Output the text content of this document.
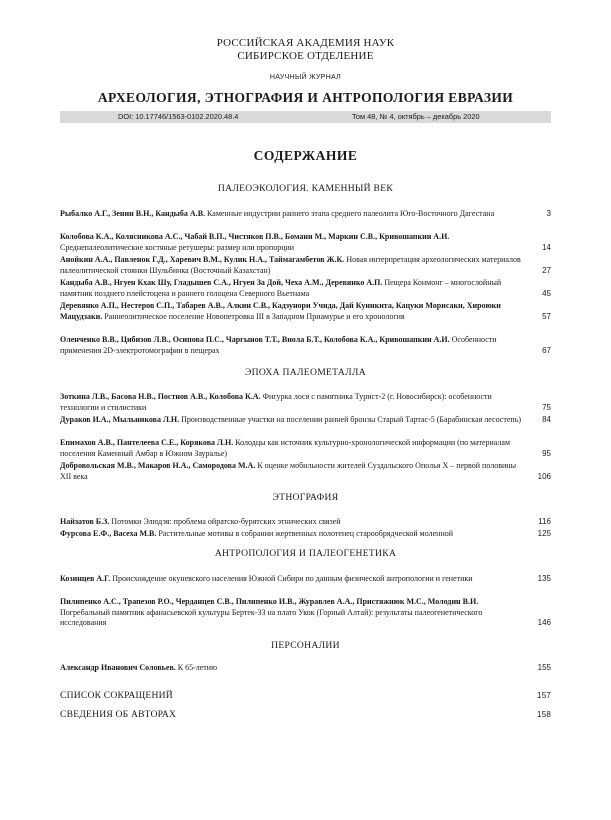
РОССИЙСКАЯ АКАДЕМИЯ НАУК
СИБИРСКОЕ ОТДЕЛЕНИЕ
НАУЧНЫЙ ЖУРНАЛ
АРХЕОЛОГИЯ, ЭТНОГРАФИЯ И АНТРОПОЛОГИЯ ЕВРАЗИИ
DOI: 10.17746/1563-0102.2020.48.4	Том 48, № 4, октябрь – декабрь 2020
СОДЕРЖАНИЕ
ПАЛЕОЭКОЛОГИЯ. КАМЕННЫЙ ВЕК
Рыбалко А.Г., Зенин В.Н., Кандыба А.В. Каменные индустрии раннего этапа среднего палеолита Юго-Восточного Дагестана	3
Колобова К.А., Колясникова А.С., Чабай В.П., Чистяков П.В., Бомани М., Маркин С.В., Кривошапкин А.И. Среднепалеолитические костяные ретушеры: размер или пропорции	14
Анойкин А.А., Павленок Г.Д., Харевич В.М., Кулик Н.А., Таймагамбетов Ж.К. Новая интерпретация археологических материалов палеолитической стоянки Шульбинка (Восточный Казахстан)	27
Кандыба А.В., Нгуен Кхак Шу, Гладышев С.А., Нгуен За Дой, Чеха А.М., Деревянко А.П. Пещера Конмонг – многослойный памятник позднего плейстоцена и раннего голоцена Северного Вьетнама	45
Деревянко А.П., Нестеров С.П., Табарев А.В., Алкин С.В., Кадзунори Учида, Дай Куникита, Кацуки Морисаки, Хироюки Мацудзаки. Раннеолитическое поселение Новопетровка III в Западном Приамурье и его хронология	57
Оленченко В.В., Цибизов Л.В., Осипова П.С., Чаргынов Т.Т., Виола Б.Т., Колобова К.А., Кривошапкин А.И. Особенности применения 2D-электротомографии в пещерах	67
ЭПОХА ПАЛЕОМЕТАЛЛА
Зоткина Л.В., Басова Н.В., Постнов А.В., Колобова К.А. Фигурка лося с памятника Турист-2 (г. Новосибирск): особенности технологии и стилистики	75
Дураков И.А., Мыльникова Л.Н. Производственные участки на поселении ранней бронзы Старый Тартас-5 (Барабинская лесостепь)	84
Епимахов А.В., Пантелеева С.Е., Корякова Л.Н. Колодцы как источник культурно-хронологической информации (по материалам поселения Каменный Амбар в Южном Зауралье)	95
Добровольская М.В., Макаров Н.А., Самородова М.А. К оценке мобильности жителей Суздальского Ополья X – первой половины XII века	106
ЭТНОГРАФИЯ
Найзатов Б.З. Потомки Элюдэя: проблема ойратско-бурятских этнических связей	116
Фурсова Е.Ф., Васеха М.В. Растительные мотивы в собрании жертвенных полотенец старообрядческой моленной	125
АНТРОПОЛОГИЯ И ПАЛЕОГЕНЕТИКА
Козинцев А.Г. Происхождение окуневского населения Южной Сибири по данным физической антропологии и генетики	135
Пилипенко А.С., Трапезов Р.О., Черданцев С.В., Пилипенко И.В., Журавлев А.А., Пристяжнюк М.С., Молодин В.И. Погребальный памятник афанасьевской культуры Бертек-33 на плато Укок (Горный Алтай): результаты палеогенетического исследования	146
ПЕРСОНАЛИИ
Александр Иванович Соловьев. К 65-летию	155
СПИСОК СОКРАЩЕНИЙ	157
СВЕДЕНИЯ ОБ АВТОРАХ	158
